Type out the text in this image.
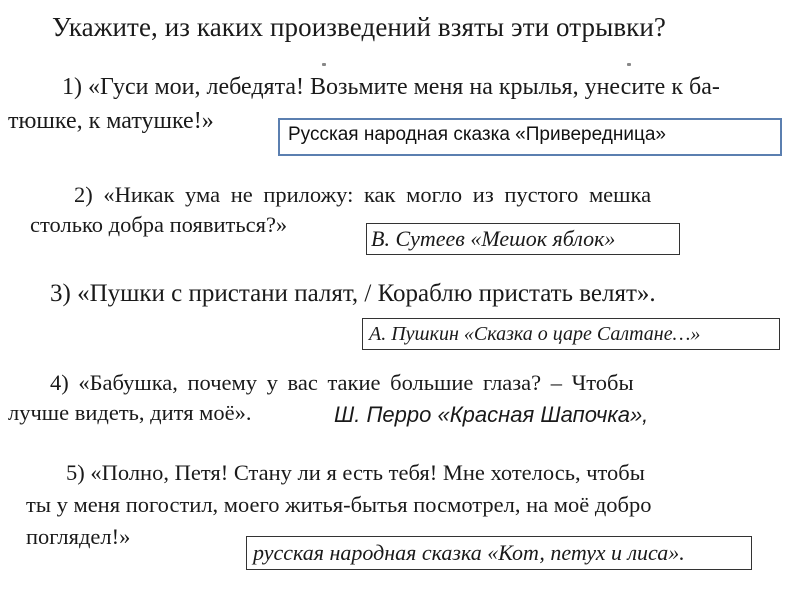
Укажите, из каких произведений взяты эти отрывки?
1) «Гуси мои, лебедята! Возьмите меня на крылья, унесите к ба-
тюшке, к матушке!»
Русская народная сказка «Привередница»
2) «Никак ума не приложу: как могло из пустого мешка
столько добра появиться?»
В. Сутеев «Мешок яблок»
3) «Пушки с пристани палят, / Кораблю пристать велят».
А. Пушкин «Сказка о царе Салтане…»
4) «Бабушка, почему у вас такие большие глаза? – Чтобы
лучше видеть, дитя моё».	Ш. Перро «Красная Шапочка»,
5) «Полно, Петя! Стану ли я есть тебя! Мне хотелось, чтобы
ты у меня погостил, моего житья-бытья посмотрел, на моё добро
поглядел!»
русская народная сказка «Кот, петух и лиса».
